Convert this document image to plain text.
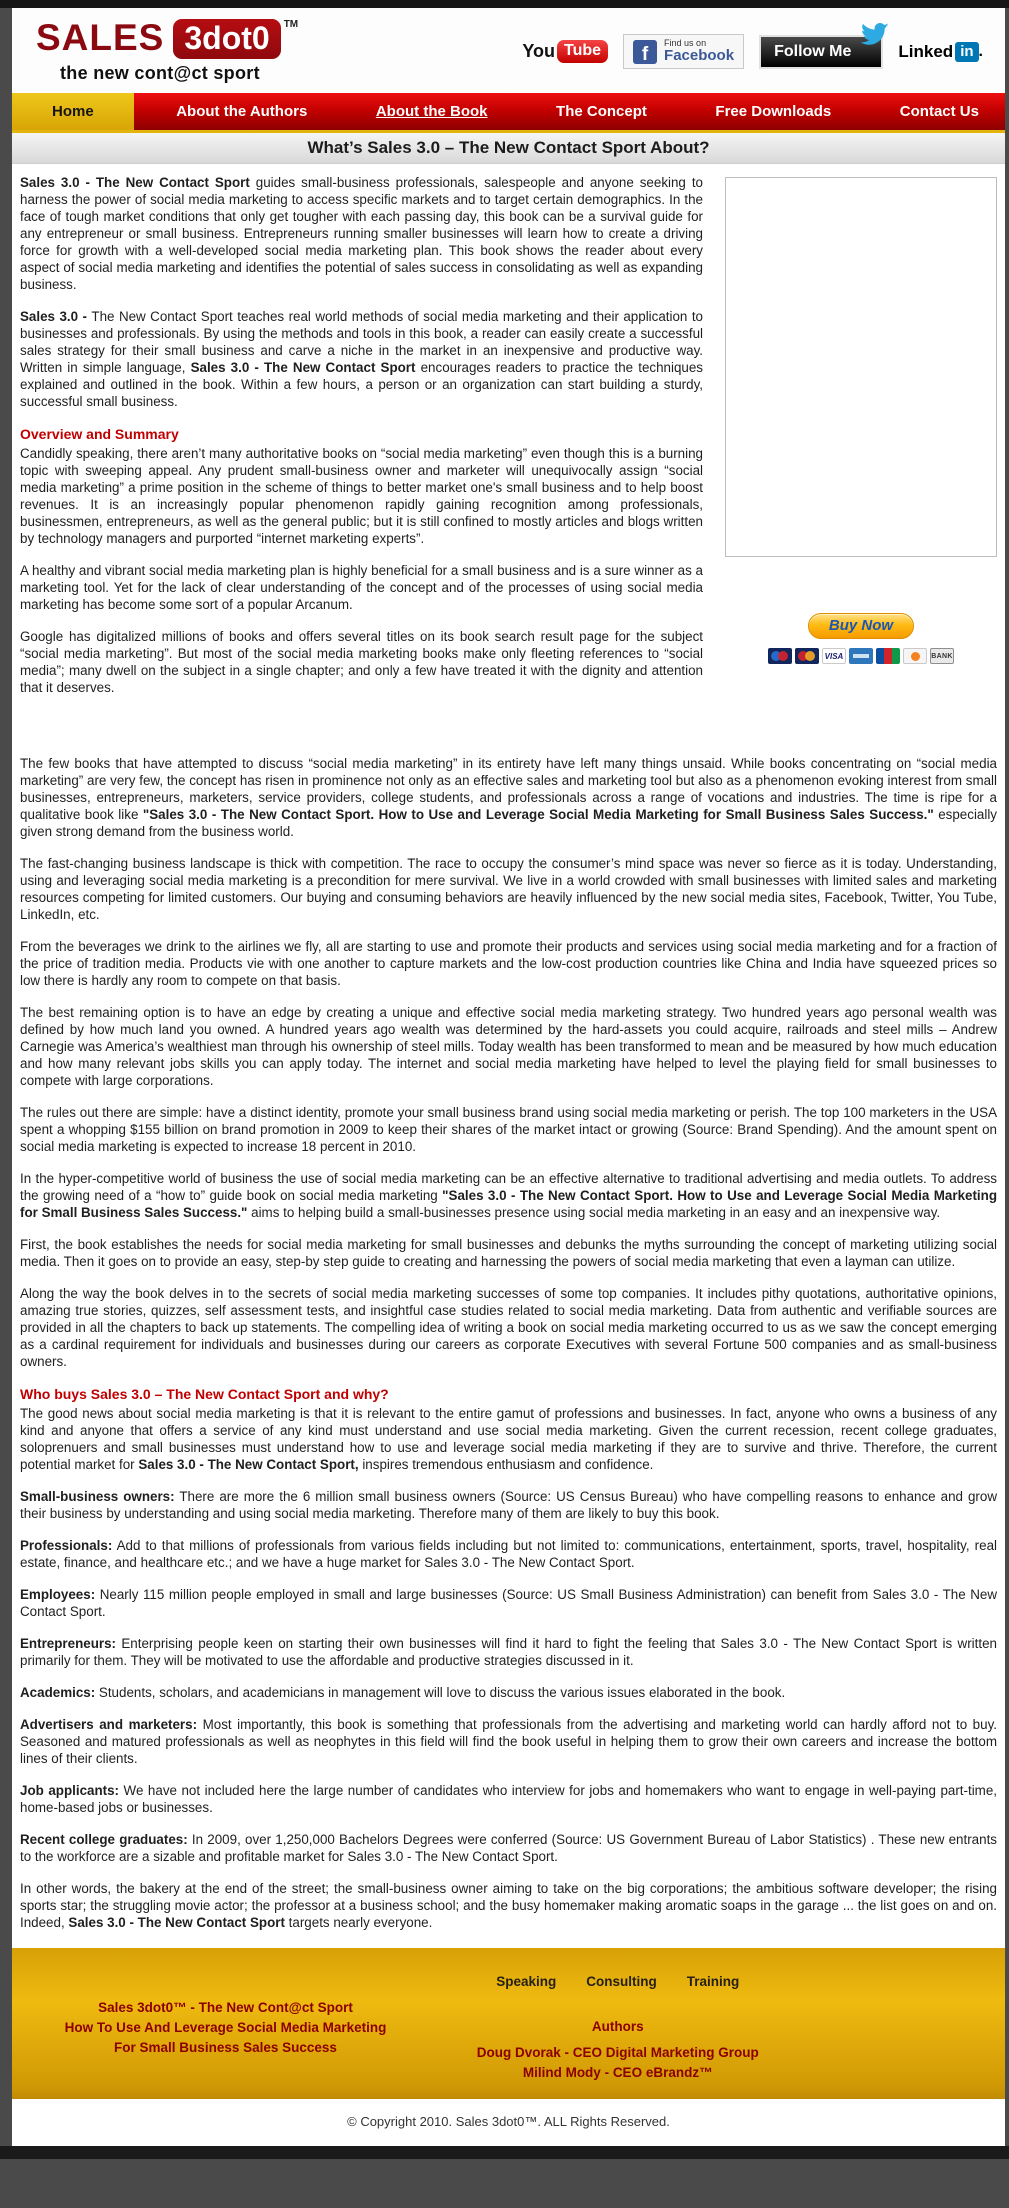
SALES 3dot0	TM
the new cont@ct sport
You Tube	f
Find us on
Facebook	Follow Me	Linked in .
Home	About the Authors	About the Book	The Concept	Free Downloads	Contact Us
What’s Sales 3.0 – The New Contact Sport About?
Buy Now
VISA	BANK

Sales 3.0 - The New Contact Sport guides small-business professionals, salespeople and anyone seeking to harness the power of social media marketing to access specific markets and to target certain demographics. In the face of tough market conditions that only get tougher with each passing day, this book can be a survival guide for any entrepreneur or small business. Entrepreneurs running smaller businesses will learn how to create a driving force for growth with a well-developed social media marketing plan. This book shows the reader about every aspect of social media marketing and identifies the potential of sales success in consolidating as well as expanding business.

Sales 3.0 - The New Contact Sport teaches real world methods of social media marketing and their application to businesses and professionals. By using the methods and tools in this book, a reader can easily create a successful sales strategy for their small business and carve a niche in the market in an inexpensive and productive way. Written in simple language, Sales 3.0 - The New Contact Sport encourages readers to practice the techniques explained and outlined in the book. Within a few hours, a person or an organization can start building a sturdy, successful small business.

Overview and Summary

Candidly speaking, there aren’t many authoritative books on “social media marketing” even though this is a burning topic with sweeping appeal. Any prudent small-business owner and marketer will unequivocally assign “social media marketing” a prime position in the scheme of things to better market one's small business and to help boost revenues. It is an increasingly popular phenomenon rapidly gaining recognition among professionals, businessmen, entrepreneurs, as well as the general public; but it is still confined to mostly articles and blogs written by technology managers and purported “internet marketing experts”.

A healthy and vibrant social media marketing plan is highly beneficial for a small business and is a sure winner as a marketing tool. Yet for the lack of clear understanding of the concept and of the processes of using social media marketing has become some sort of a popular Arcanum.

Google has digitalized millions of books and offers several titles on its book search result page for the subject “social media marketing”. But most of the social media marketing books make only fleeting references to “social media”; many dwell on the subject in a single chapter; and only a few have treated it with the dignity and attention that it deserves.

The few books that have attempted to discuss “social media marketing” in its entirety have left many things unsaid. While books concentrating on “social media marketing” are very few, the concept has risen in prominence not only as an effective sales and marketing tool but also as a phenomenon evoking interest from small businesses, entrepreneurs, marketers, service providers, college students, and professionals across a range of vocations and industries. The time is ripe for a qualitative book like "Sales 3.0 - The New Contact Sport. How to Use and Leverage Social Media Marketing for Small Business Sales Success." especially given strong demand from the business world.

The fast-changing business landscape is thick with competition. The race to occupy the consumer’s mind space was never so fierce as it is today. Understanding, using and leveraging social media marketing is a precondition for mere survival. We live in a world crowded with small businesses with limited sales and marketing resources competing for limited customers. Our buying and consuming behaviors are heavily influenced by the new social media sites, Facebook, Twitter, You Tube, LinkedIn, etc.

From the beverages we drink to the airlines we fly, all are starting to use and promote their products and services using social media marketing and for a fraction of the price of tradition media. Products vie with one another to capture markets and the low-cost production countries like China and India have squeezed prices so low there is hardly any room to compete on that basis.

The best remaining option is to have an edge by creating a unique and effective social media marketing strategy. Two hundred years ago personal wealth was defined by how much land you owned. A hundred years ago wealth was determined by the hard-assets you could acquire, railroads and steel mills – Andrew Carnegie was America’s wealthiest man through his ownership of steel mills. Today wealth has been transformed to mean and be measured by how much education and how many relevant jobs skills you can apply today. The internet and social media marketing have helped to level the playing field for small businesses to compete with large corporations.

The rules out there are simple: have a distinct identity, promote your small business brand using social media marketing or perish. The top 100 marketers in the USA spent a whopping $155 billion on brand promotion in 2009 to keep their shares of the market intact or growing (Source: Brand Spending). And the amount spent on social media marketing is expected to increase 18 percent in 2010.

In the hyper-competitive world of business the use of social media marketing can be an effective alternative to traditional advertising and media outlets. To address the growing need of a “how to” guide book on social media marketing "Sales 3.0 - The New Contact Sport. How to Use and Leverage Social Media Marketing for Small Business Sales Success." aims to helping build a small-businesses presence using social media marketing in an easy and an inexpensive way.

First, the book establishes the needs for social media marketing for small businesses and debunks the myths surrounding the concept of marketing utilizing social media. Then it goes on to provide an easy, step-by step guide to creating and harnessing the powers of social media marketing that even a layman can utilize.

Along the way the book delves in to the secrets of social media marketing successes of some top companies. It includes pithy quotations, authoritative opinions, amazing true stories, quizzes, self assessment tests, and insightful case studies related to social media marketing. Data from authentic and verifiable sources are provided in all the chapters to back up statements. The compelling idea of writing a book on social media marketing occurred to us as we saw the concept emerging as a cardinal requirement for individuals and businesses during our careers as corporate Executives with several Fortune 500 companies and as small-business owners.

Who buys Sales 3.0 – The New Contact Sport and why?

The good news about social media marketing is that it is relevant to the entire gamut of professions and businesses. In fact, anyone who owns a business of any kind and anyone that offers a service of any kind must understand and use social media marketing. Given the current recession, recent college graduates, soloprenuers and small businesses must understand how to use and leverage social media marketing if they are to survive and thrive. Therefore, the current potential market for Sales 3.0 - The New Contact Sport, inspires tremendous enthusiasm and confidence.

Small-business owners: There are more the 6 million small business owners (Source: US Census Bureau) who have compelling reasons to enhance and grow their business by understanding and using social media marketing. Therefore many of them are likely to buy this book.

Professionals: Add to that millions of professionals from various fields including but not limited to: communications, entertainment, sports, travel, hospitality, real estate, finance, and healthcare etc.; and we have a huge market for Sales 3.0 - The New Contact Sport.

Employees: Nearly 115 million people employed in small and large businesses (Source: US Small Business Administration) can benefit from Sales 3.0 - The New Contact Sport.

Entrepreneurs: Enterprising people keen on starting their own businesses will find it hard to fight the feeling that Sales 3.0 - The New Contact Sport is written primarily for them. They will be motivated to use the affordable and productive strategies discussed in it.

Academics: Students, scholars, and academicians in management will love to discuss the various issues elaborated in the book.

Advertisers and marketers: Most importantly, this book is something that professionals from the advertising and marketing world can hardly afford not to buy. Seasoned and matured professionals as well as neophytes in this field will find the book useful in helping them to grow their own careers and increase the bottom lines of their clients.

Job applicants: We have not included here the large number of candidates who interview for jobs and homemakers who want to engage in well-paying part-time, home-based jobs or businesses.

Recent college graduates: In 2009, over 1,250,000 Bachelors Degrees were conferred (Source: US Government Bureau of Labor Statistics) . These new entrants to the workforce are a sizable and profitable market for Sales 3.0 - The New Contact Sport.

In other words, the bakery at the end of the street; the small-business owner aiming to take on the big corporations; the ambitious software developer; the rising sports star; the struggling movie actor; the professor at a business school; and the busy homemaker making aromatic soaps in the garage ... the list goes on and on. Indeed, Sales 3.0 - The New Contact Sport targets nearly everyone.

Sales 3dot0™ - The New Cont@ct Sport
How To Use And Leverage Social Media Marketing
For Small Business Sales Success
Speaking Consulting Training
Authors
Doug Dvorak - CEO Digital Marketing Group
Milind Mody - CEO eBrandz™
© Copyright 2010. Sales 3dot0™. ALL Rights Reserved.
